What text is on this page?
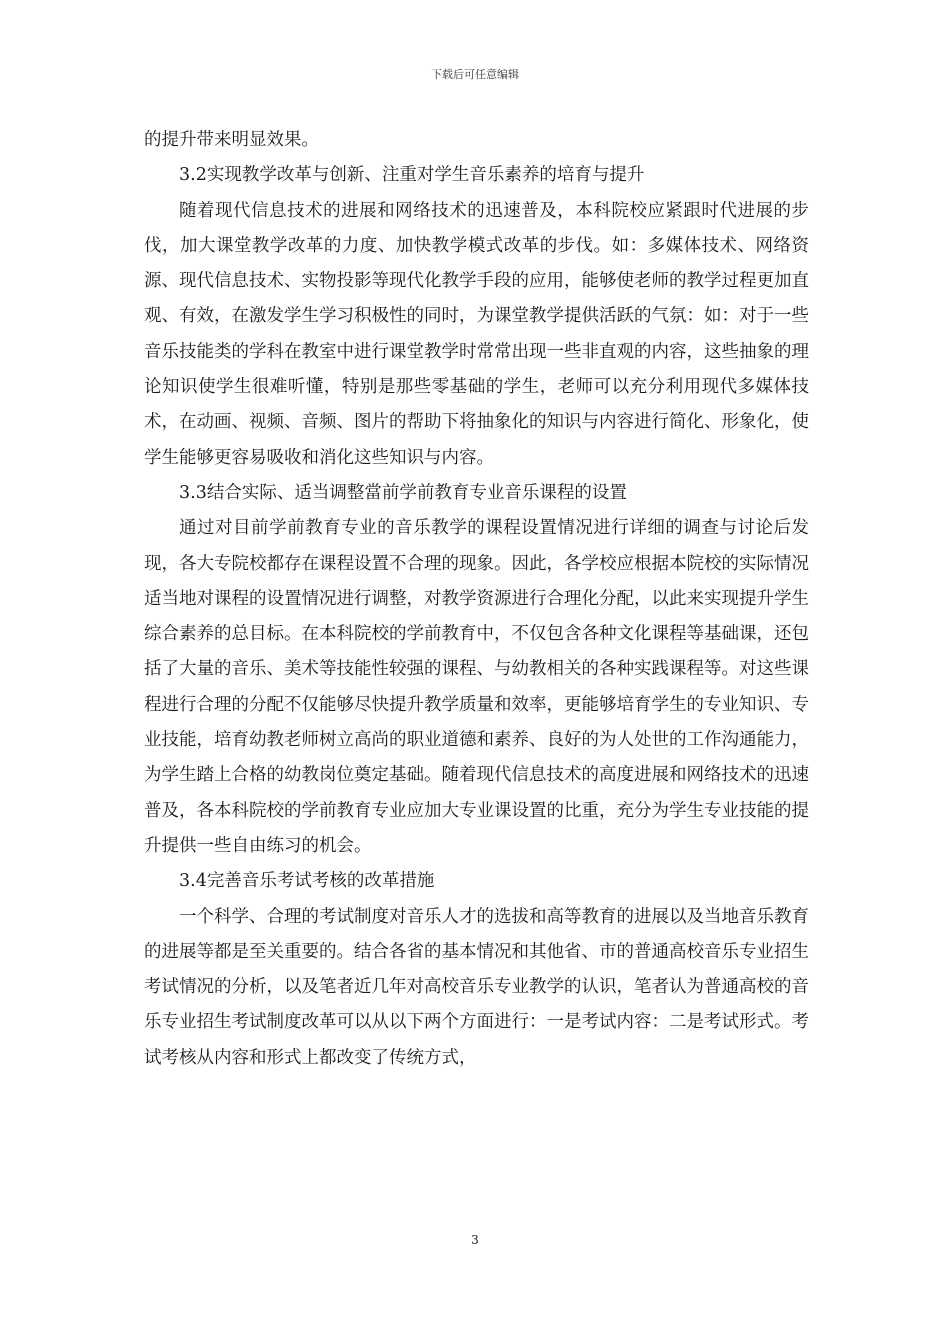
下载后可任意编辑

的提升带来明显效果。

3.2实现教学改革与创新、注重对学生音乐素养的培育与提升

随着现代信息技术的进展和网络技术的迅速普及，本科院校应紧跟时代进展的步伐，加大课堂教学改革的力度、加快教学模式改革的步伐。如：多媒体技术、网络资源、现代信息技术、实物投影等现代化教学手段的应用，能够使老师的教学过程更加直观、有效，在激发学生学习积极性的同时，为课堂教学提供活跃的气氛：如：对于一些音乐技能类的学科在教室中进行课堂教学时常常出现一些非直观的内容，这些抽象的理论知识使学生很难听懂，特别是那些零基础的学生，老师可以充分利用现代多媒体技术，在动画、视频、音频、图片的帮助下将抽象化的知识与内容进行简化、形象化，使学生能够更容易吸收和消化这些知识与内容。

3.3结合实际、适当调整當前学前教育专业音乐课程的设置

通过对目前学前教育专业的音乐教学的课程设置情况进行详细的调查与讨论后发现，各大专院校都存在课程设置不合理的现象。因此，各学校应根据本院校的实际情况适当地对课程的设置情况进行调整，对教学资源进行合理化分配，以此来实现提升学生综合素养的总目标。在本科院校的学前教育中，不仅包含各种文化课程等基础课，还包括了大量的音乐、美术等技能性较强的课程、与幼教相关的各种实践课程等。对这些课程进行合理的分配不仅能够尽快提升教学质量和效率，更能够培育学生的专业知识、专业技能，培育幼教老师树立高尚的职业道德和素养、良好的为人处世的工作沟通能力，为学生踏上合格的幼教岗位奠定基础。随着现代信息技术的高度进展和网络技术的迅速普及，各本科院校的学前教育专业应加大专业课设置的比重，充分为学生专业技能的提升提供一些自由练习的机会。

3.4完善音乐考试考核的改革措施

一个科学、合理的考试制度对音乐人才的选拔和高等教育的进展以及当地音乐教育的进展等都是至关重要的。结合各省的基本情况和其他省、市的普通高校音乐专业招生考试情况的分析，以及笔者近几年对高校音乐专业教学的认识，笔者认为普通高校的音乐专业招生考试制度改革可以从以下两个方面进行：一是考试内容：二是考试形式。考试考核从内容和形式上都改变了传统方式，

3
